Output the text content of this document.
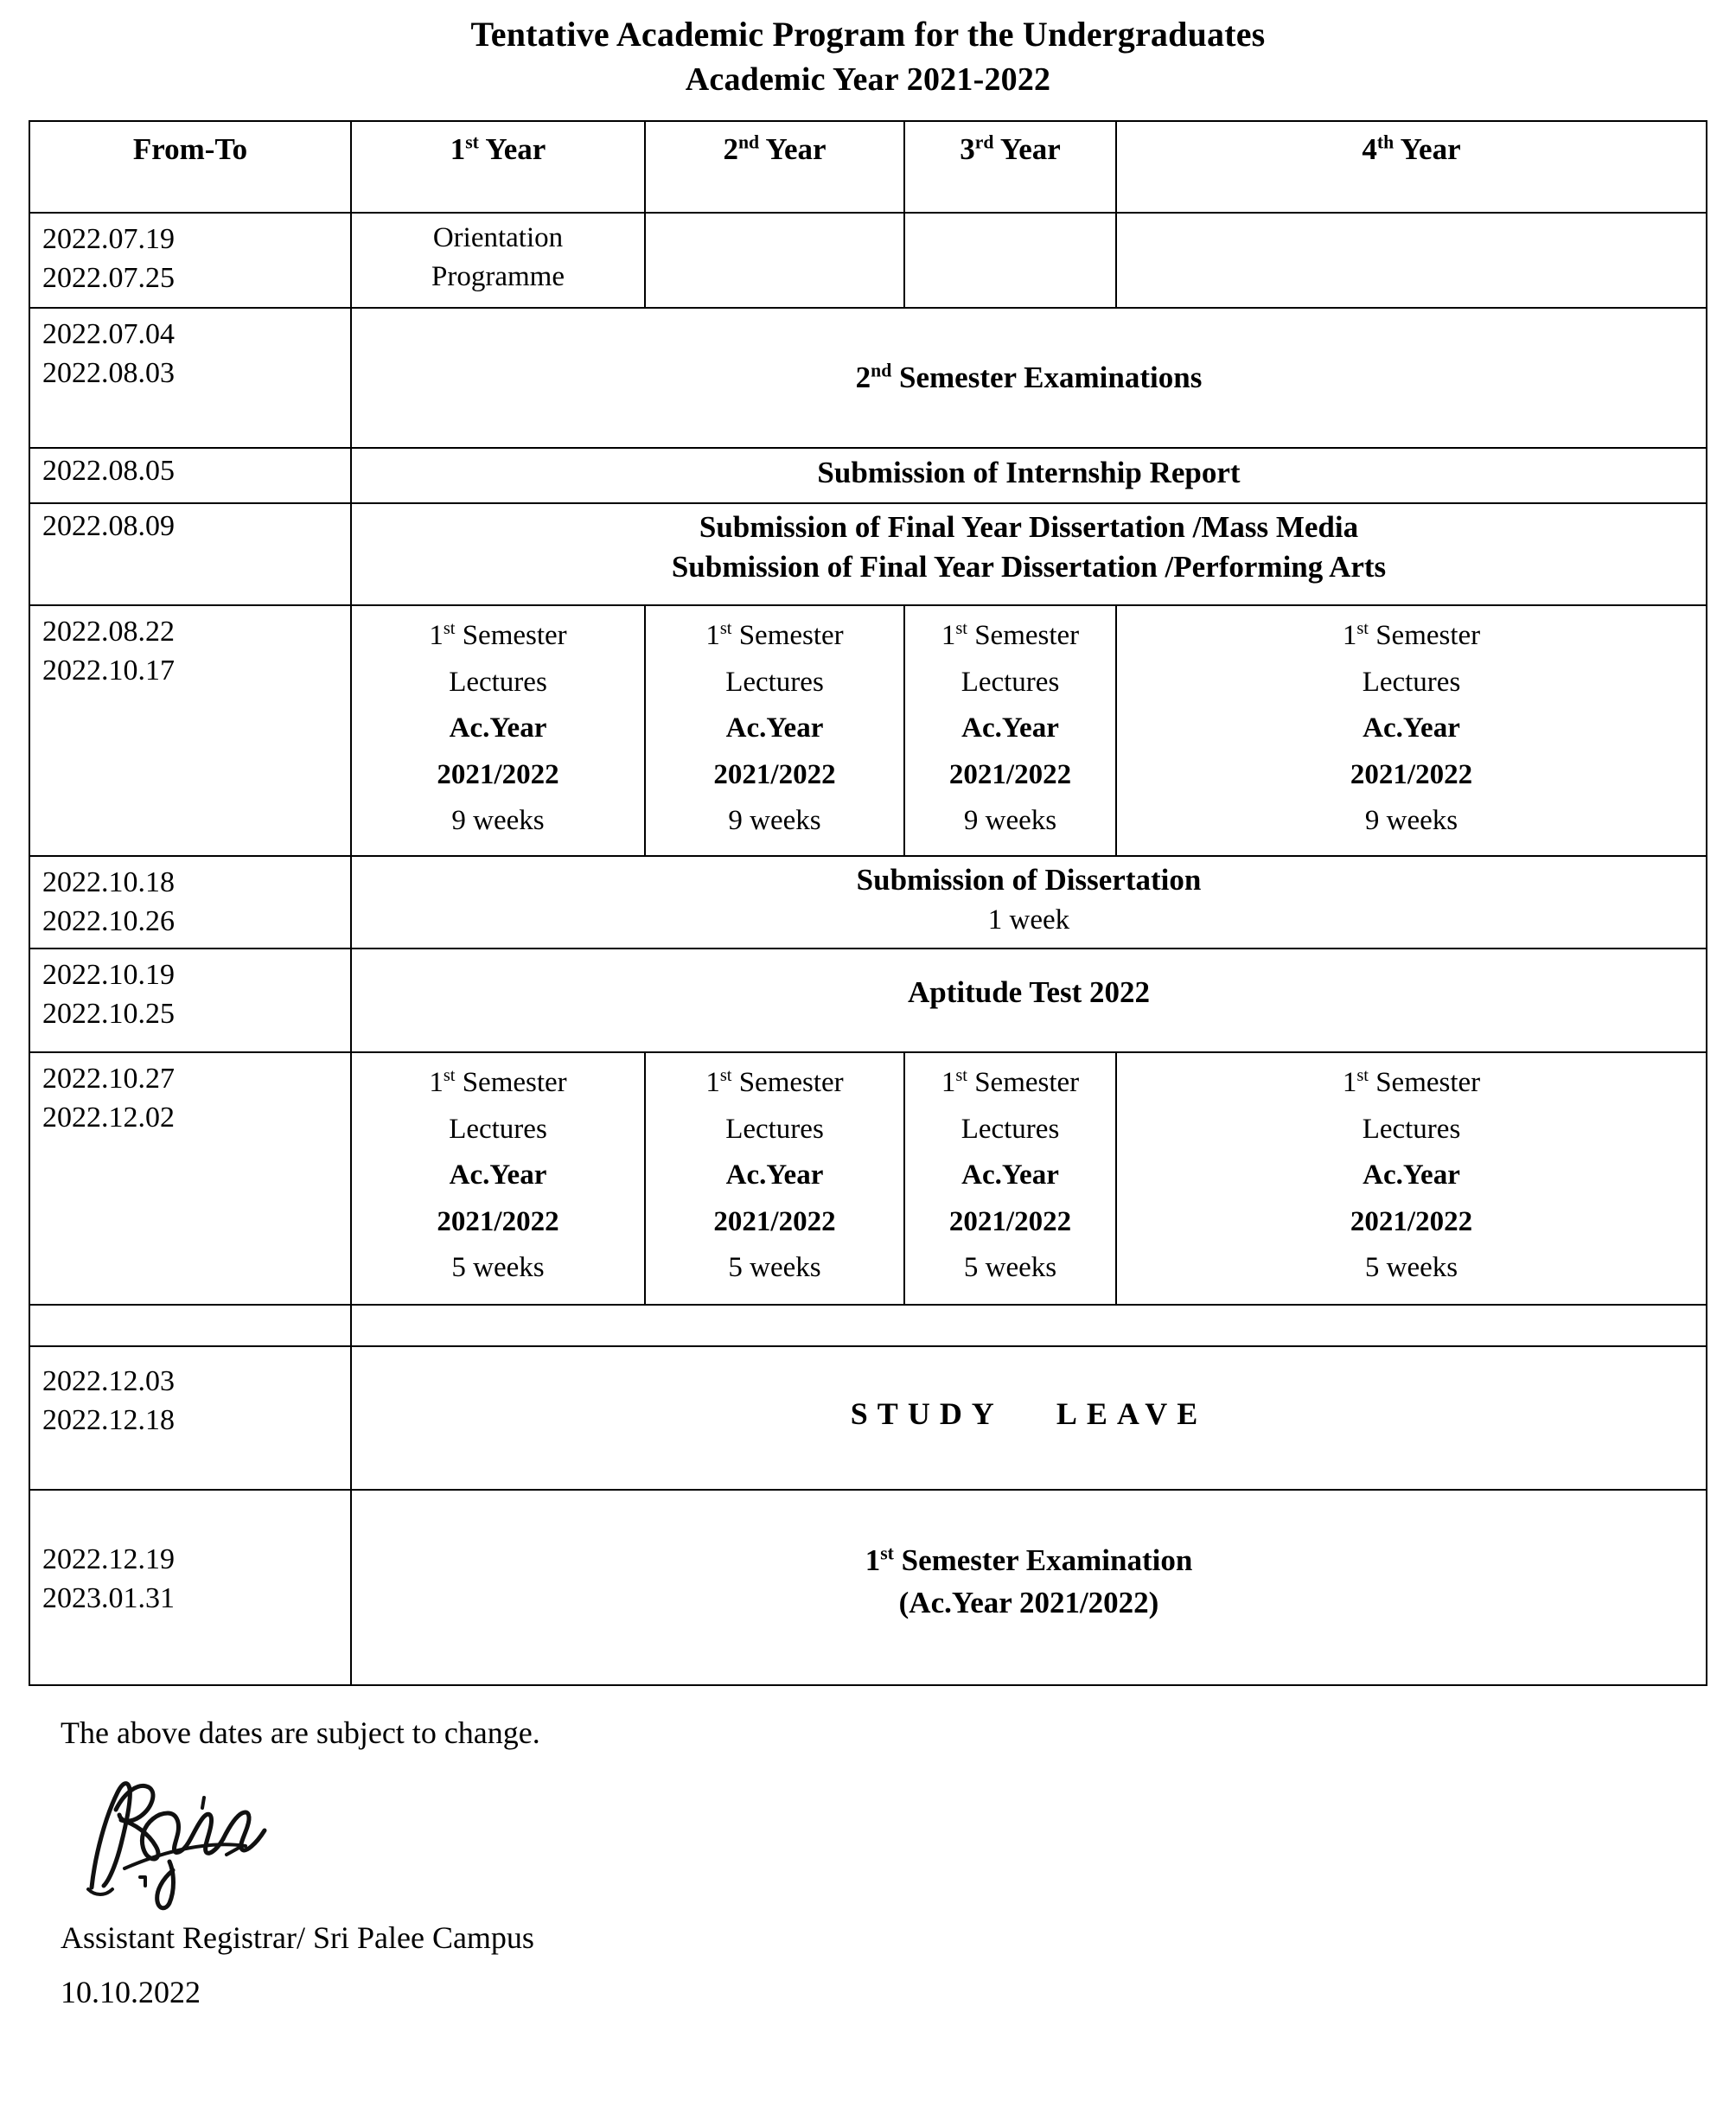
Tentative Academic Program for the Undergraduates
Academic Year 2021-2022
From-To	1st Year	2nd Year	3rd Year	4th Year

2022.07.19
2022.07.25	Orientation
Programme			

2022.07.04
2022.08.03	2nd Semester Examinations			

2022.08.05	Submission of Internship Report			

2022.08.09	Submission of Final Year Dissertation /Mass Media
Submission of Final Year Dissertation /Performing Arts			

2022.08.22
2022.10.17	1st Semester
Lectures
Ac.Year
2021/2022
9 weeks	1st Semester
Lectures
Ac.Year
2021/2022
9 weeks	1st Semester
Lectures
Ac.Year
2021/2022
9 weeks	1st Semester
Lectures
Ac.Year
2021/2022
9 weeks

2022.10.18
2022.10.26	Submission of Dissertation
1 week			

2022.10.19
2022.10.25	Aptitude Test 2022			

2022.10.27
2022.12.02	1st Semester
Lectures
Ac.Year
2021/2022
5 weeks	1st Semester
Lectures
Ac.Year
2021/2022
5 weeks	1st Semester
Lectures
Ac.Year
2021/2022
5 weeks	1st Semester
Lectures
Ac.Year
2021/2022
5 weeks

2022.12.03
2022.12.18	STUDY LEAVE			

2022.12.19
2023.01.31	1st Semester Examination
(Ac.Year 2021/2022)			
The above dates are subject to change.
Assistant Registrar/ Sri Palee Campus
10.10.2022
